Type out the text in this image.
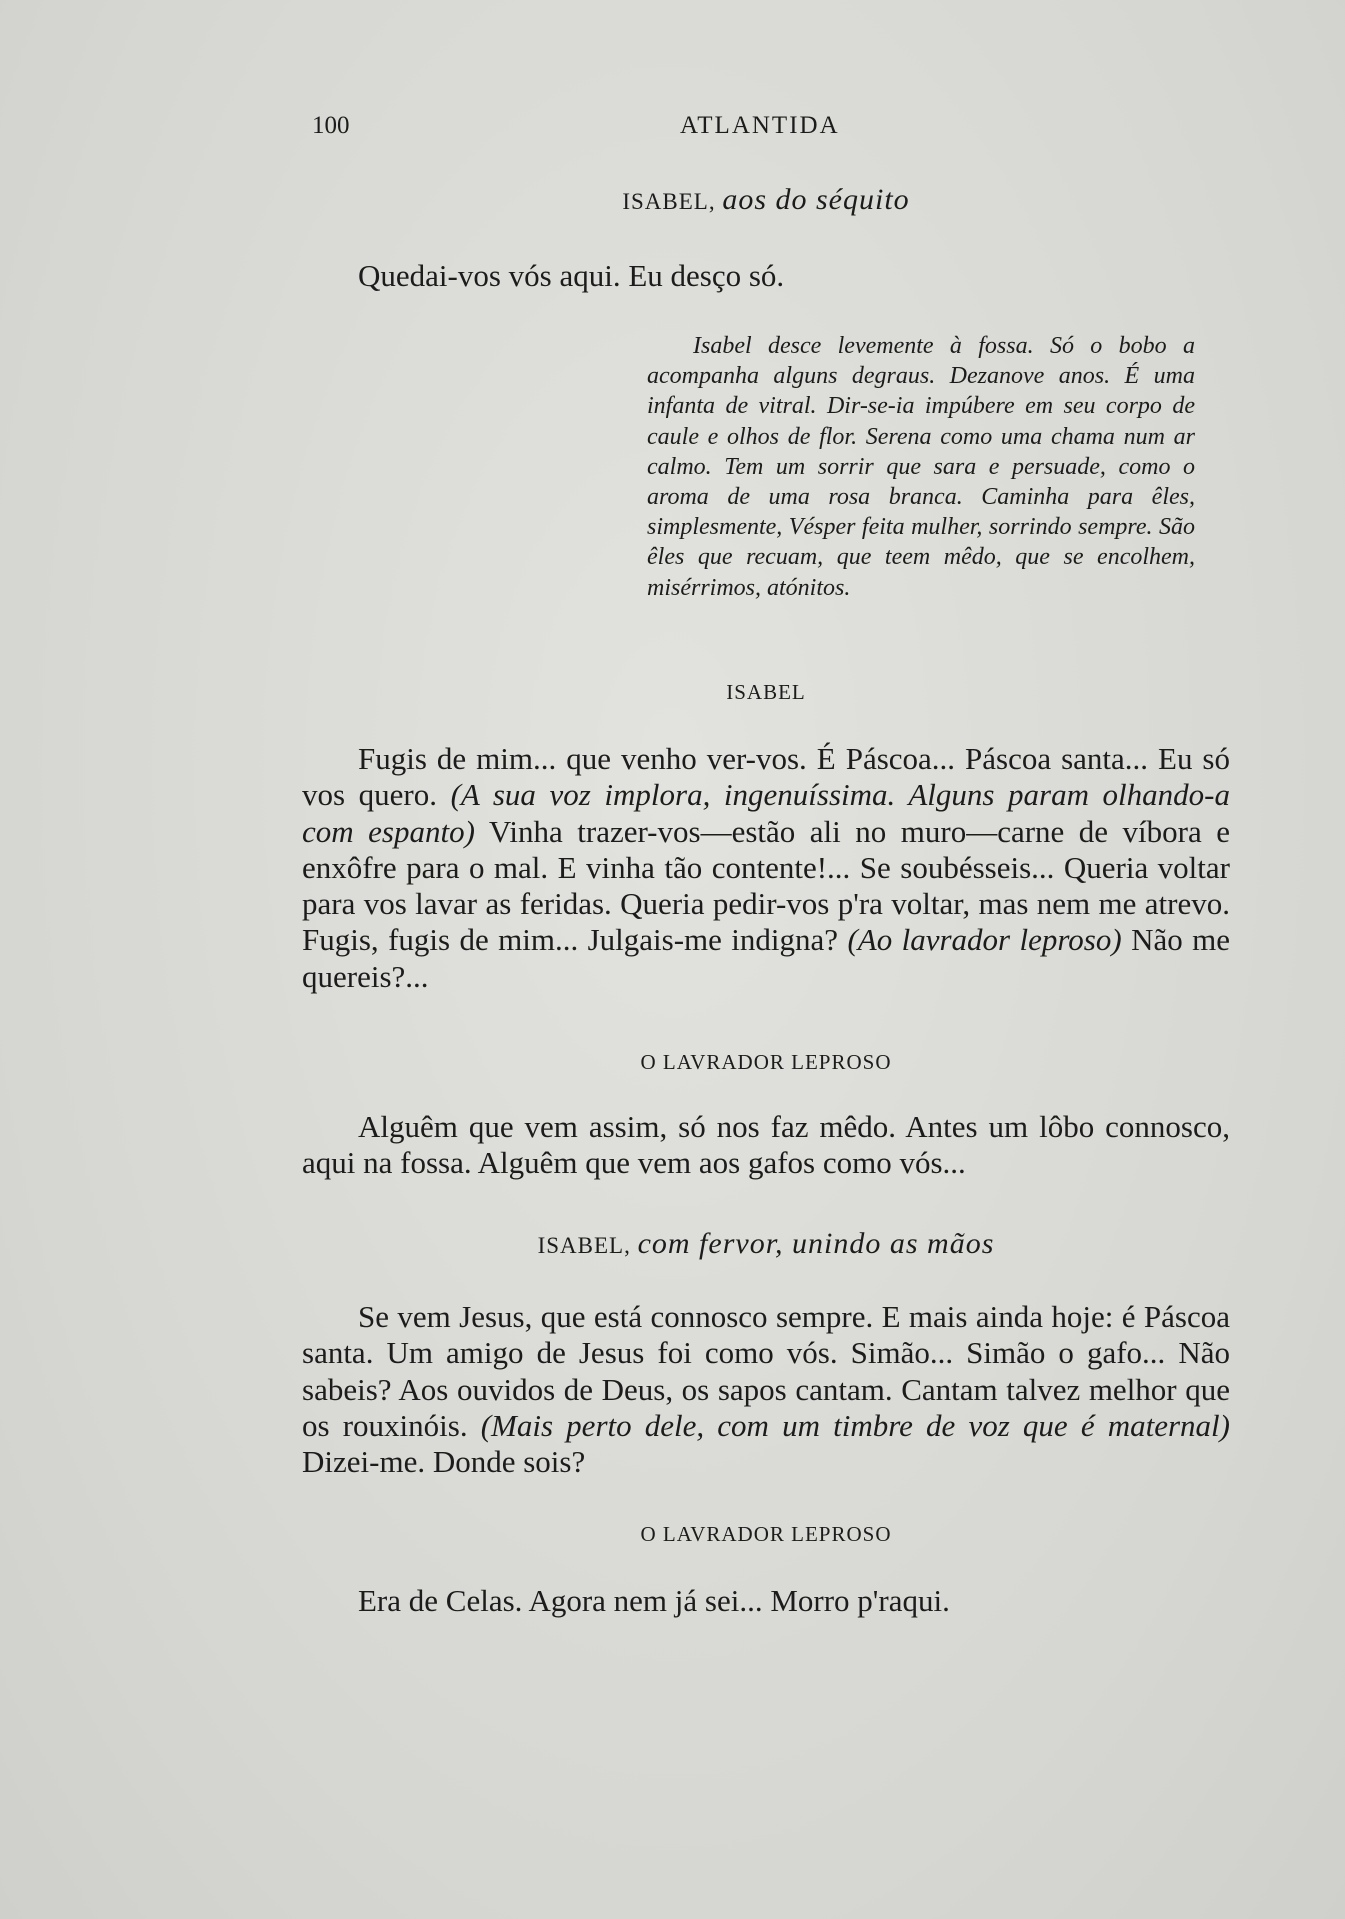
100	ATLANTIDA
ISABEL, aos do séquito

Quedai-vos vós aqui. Eu desço só.

Isabel desce levemente à fossa. Só o bobo a acompanha alguns degraus. Dezanove anos. É uma infanta de vitral. Dir-se-ia impúbere em seu corpo de caule e olhos de flor. Serena como uma chama num ar calmo. Tem um sorrir que sara e persuade, como o aroma de uma rosa branca. Caminha para êles, simplesmente, Vésper feita mulher, sorrindo sempre. São êles que recuam, que teem mêdo, que se encolhem, misérrimos, atónitos.

ISABEL

Fugis de mim... que venho ver-vos. É Páscoa... Páscoa santa... Eu só vos quero. (A sua voz implora, ingenuíssima. Alguns param olhando-a com espanto) Vinha trazer-vos—estão ali no muro—carne de víbora e enxôfre para o mal. E vinha tão contente!... Se soubésseis... Queria voltar para vos lavar as feridas. Queria pedir-vos p'ra voltar, mas nem me atrevo. Fugis, fugis de mim... Julgais-me indigna? (Ao lavrador leproso) Não me quereis?...

O LAVRADOR LEPROSO

Alguêm que vem assim, só nos faz mêdo. Antes um lôbo connosco, aqui na fossa. Alguêm que vem aos gafos como vós...

ISABEL, com fervor, unindo as mãos

Se vem Jesus, que está connosco sempre. E mais ainda hoje: é Páscoa santa. Um amigo de Jesus foi como vós. Simão... Simão o gafo... Não sabeis? Aos ouvidos de Deus, os sapos cantam. Cantam talvez melhor que os rouxinóis. (Mais perto dele, com um timbre de voz que é maternal) Dizei-me. Donde sois?

O LAVRADOR LEPROSO

Era de Celas. Agora nem já sei... Morro p'raqui.
